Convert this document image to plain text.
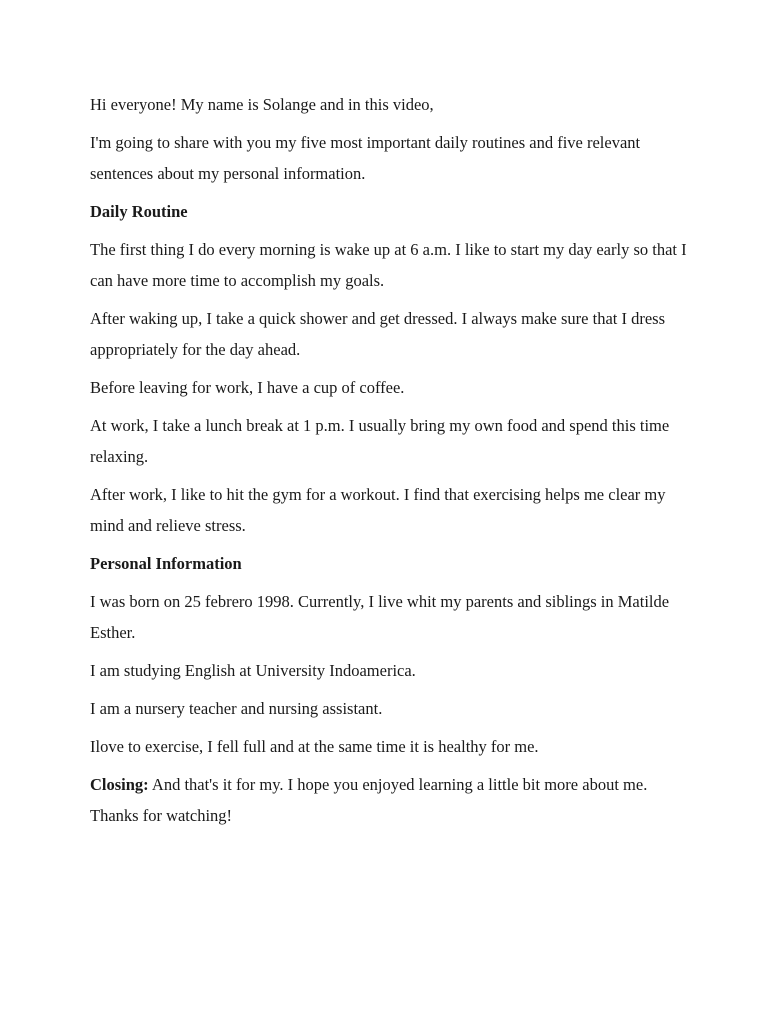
Hi everyone! My name is Solange and in this video,

I'm going to share with you my five most important daily routines and five relevant sentences about my personal information.

Daily Routine

The first thing I do every morning is wake up at 6 a.m. I like to start my day early so that I can have more time to accomplish my goals.

After waking up, I take a quick shower and get dressed. I always make sure that I dress appropriately for the day ahead.

Before leaving for work, I have a cup of coffee.

At work, I take a lunch break at 1 p.m. I usually bring my own food and spend this time relaxing.

After work, I like to hit the gym for a workout. I find that exercising helps me clear my mind and relieve stress.

Personal Information

I was born on 25 febrero 1998. Currently, I live whit my parents and siblings in Matilde Esther.

I am studying English at University Indoamerica.

I am a nursery teacher and nursing assistant.

Ilove to exercise, I fell full and at the same time it is healthy for me.

Closing: And that's it for my. I hope you enjoyed learning a little bit more about me. Thanks for watching!
